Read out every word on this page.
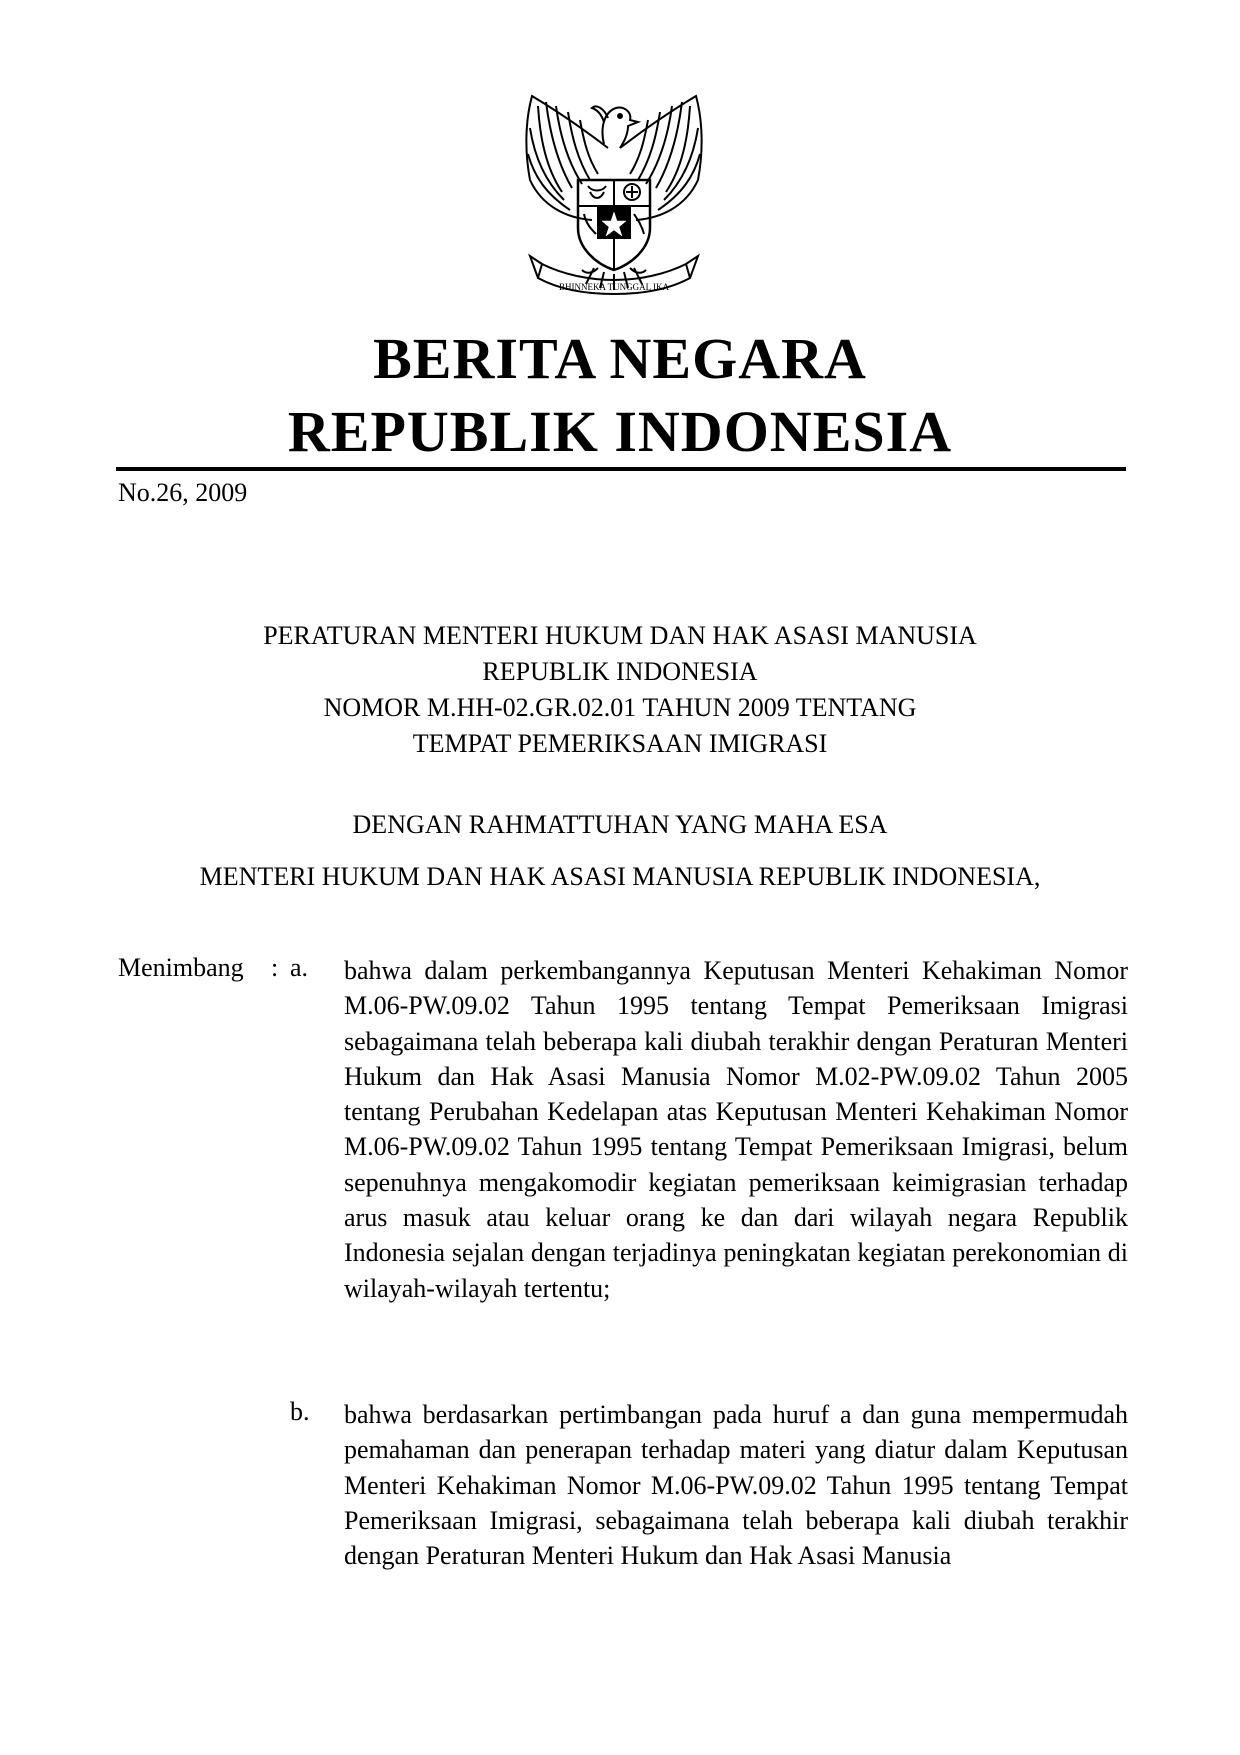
BHINNEKA TUNGGAL IKA
BERITA NEGARA
REPUBLIK INDONESIA
No.26, 2009
PERATURAN MENTERI HUKUM DAN HAK ASASI MANUSIA
REPUBLIK INDONESIA
NOMOR M.HH-02.GR.02.01 TAHUN 2009 TENTANG
TEMPAT PEMERIKSAAN IMIGRASI
DENGAN RAHMATTUHAN YANG MAHA ESA
MENTERI HUKUM DAN HAK ASASI MANUSIA REPUBLIK INDONESIA,
Menimbang : a. bahwa dalam perkembangannya Keputusan Menteri Kehakiman Nomor M.06-PW.09.02 Tahun 1995 tentang Tempat Pemeriksaan Imigrasi sebagaimana telah beberapa kali diubah terakhir dengan Peraturan Menteri Hukum dan Hak Asasi Manusia Nomor M.02-PW.09.02 Tahun 2005 tentang Perubahan Kedelapan atas Keputusan Menteri Kehakiman Nomor M.06-PW.09.02 Tahun 1995 tentang Tempat Pemeriksaan Imigrasi, belum sepenuhnya mengakomodir kegiatan pemeriksaan keimigrasian terhadap arus masuk atau keluar orang ke dan dari wilayah negara Republik Indonesia sejalan dengan terjadinya peningkatan kegiatan perekonomian di wilayah-wilayah tertentu;
b. bahwa berdasarkan pertimbangan pada huruf a dan guna mempermudah pemahaman dan penerapan terhadap materi yang diatur dalam Keputusan Menteri Kehakiman Nomor M.06-PW.09.02 Tahun 1995 tentang Tempat Pemeriksaan Imigrasi, sebagaimana telah beberapa kali diubah terakhir dengan Peraturan Menteri Hukum dan Hak Asasi Manusia
